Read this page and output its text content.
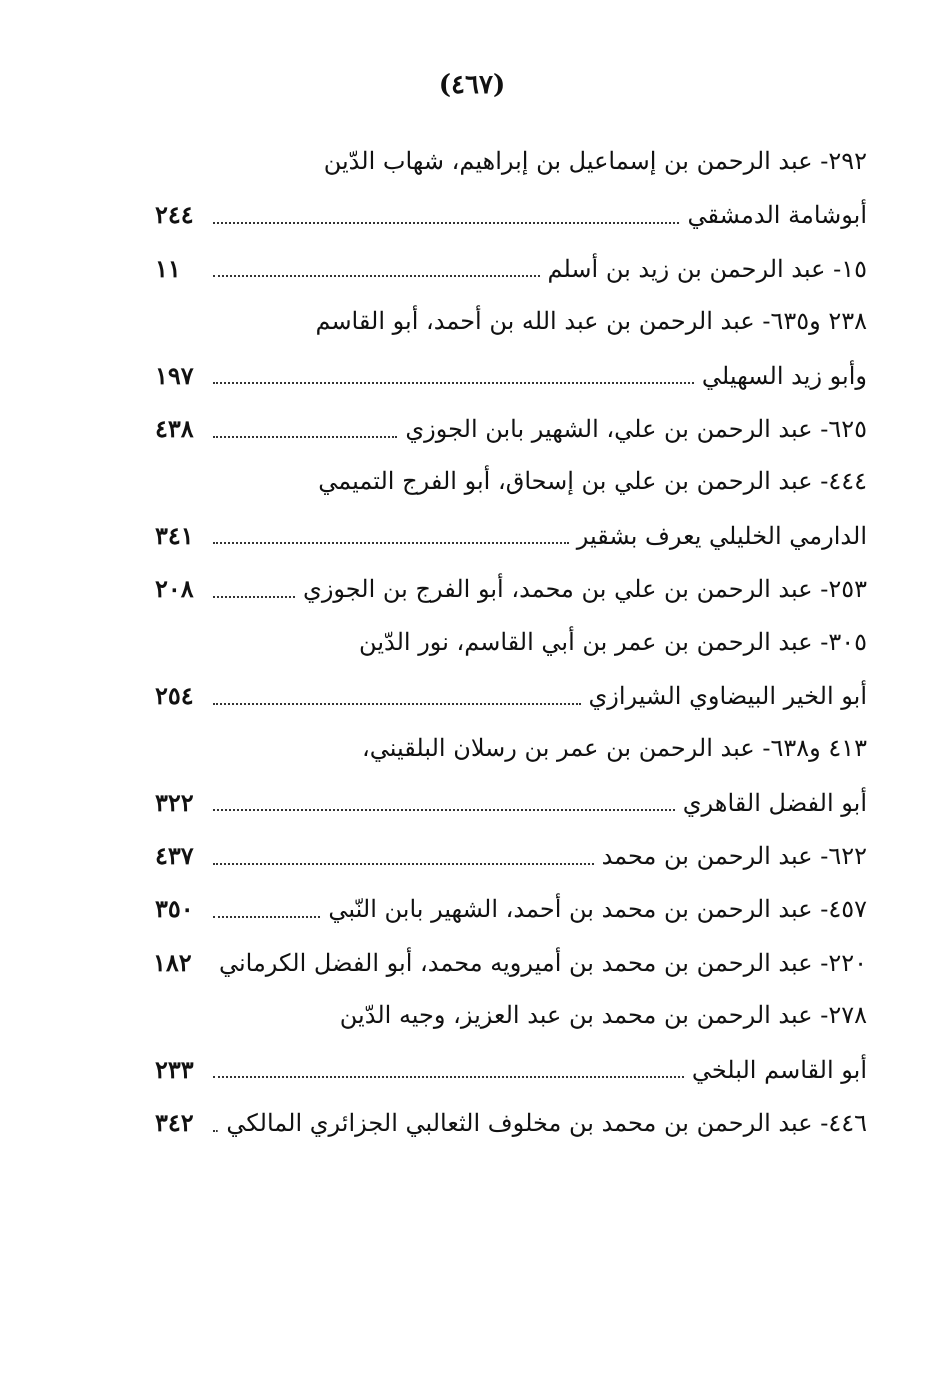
(٤٦٧)
٢٩٢- عبد الرحمن بن إسماعيل بن إبراهيم، شهاب الدّين
أبوشامة الدمشقي
٢٤٤
١٥- عبد الرحمن بن زيد بن أسلم
١١
٢٣٨ و٦٣٥- عبد الرحمن بن عبد الله بن أحمد، أبو القاسم
وأبو زيد السهيلي
١٩٧
٦٢٥- عبد الرحمن بن علي، الشهير بابن الجوزي
٤٣٨
٤٤٤- عبد الرحمن بن علي بن إسحاق، أبو الفرج التميمي
الدارمي الخليلي يعرف بشقير
٣٤١
٢٥٣- عبد الرحمن بن علي بن محمد، أبو الفرج بن الجوزي
٢٠٨
٣٠٥- عبد الرحمن بن عمر بن أبي القاسم، نور الدّين
أبو الخير البيضاوي الشيرازي
٢٥٤
٤١٣ و٦٣٨- عبد الرحمن بن عمر بن رسلان البلقيني،
أبو الفضل القاهري
٣٢٢
٦٢٢- عبد الرحمن بن محمد
٤٣٧
٤٥٧- عبد الرحمن بن محمد بن أحمد، الشهير بابن النّبي
٣٥٠
٢٢٠- عبد الرحمن بن محمد بن أميرويه محمد، أبو الفضل الكرماني
١٨٢
٢٧٨- عبد الرحمن بن محمد بن عبد العزيز، وجيه الدّين
أبو القاسم البلخي
٢٣٣
٤٤٦- عبد الرحمن بن محمد بن مخلوف الثعالبي الجزائري المالكي
٣٤٢
